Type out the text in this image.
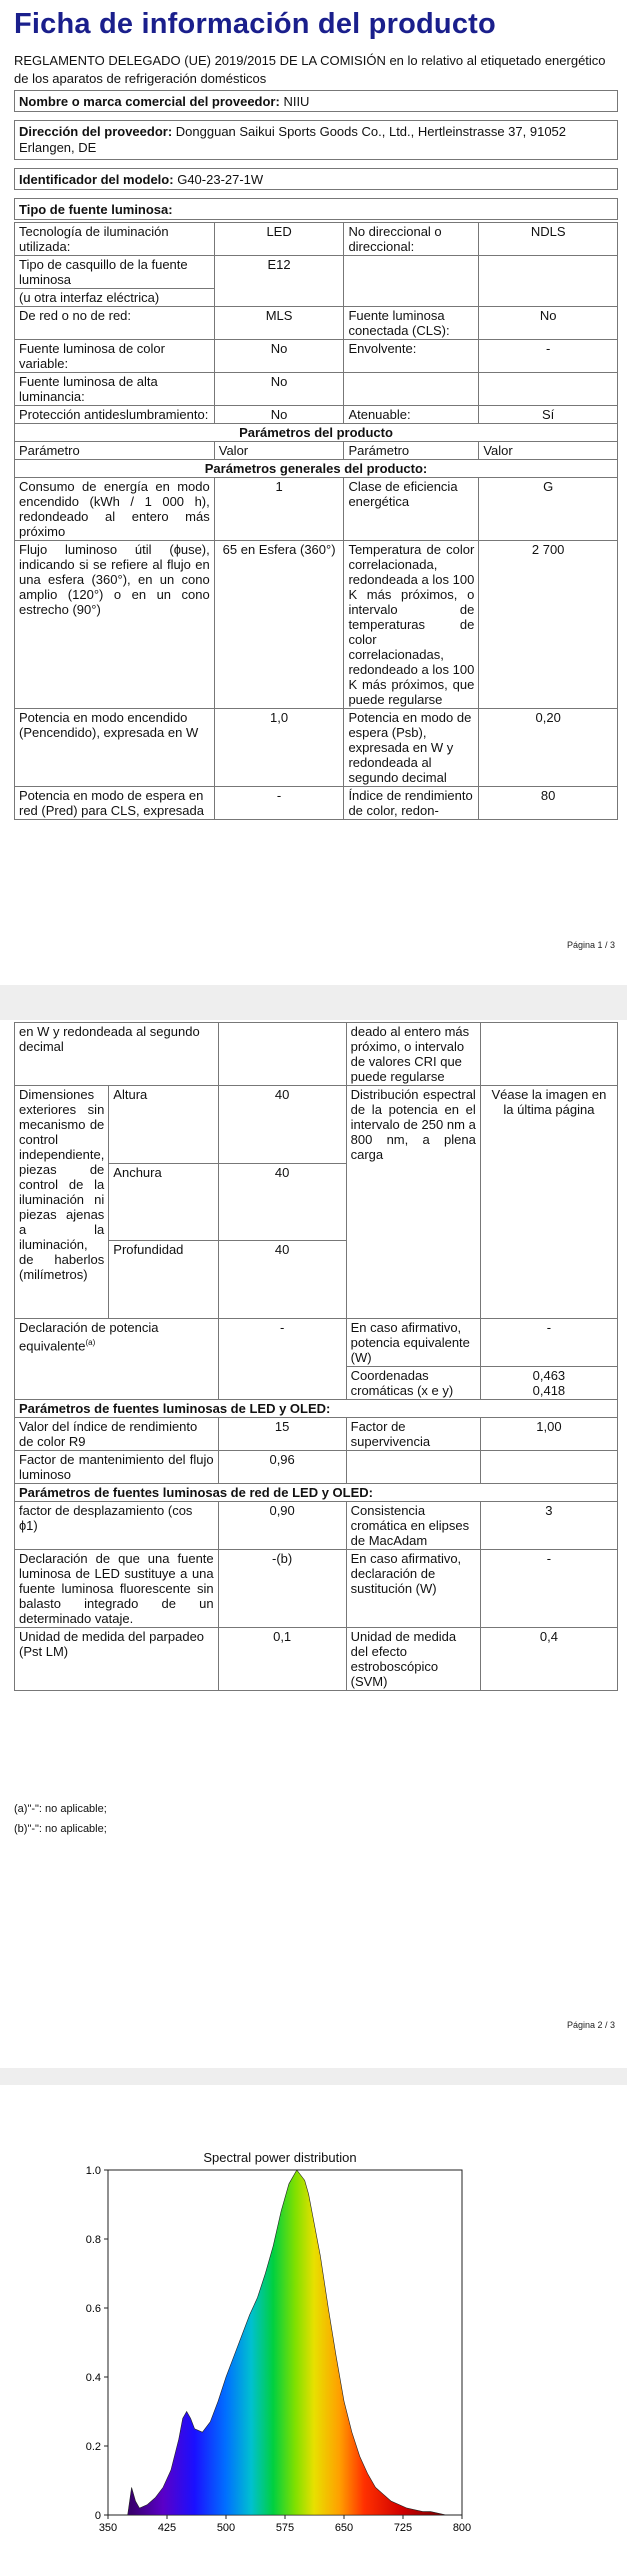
Ficha de información del producto
REGLAMENTO DELEGADO (UE) 2019/2015 DE LA COMISIÓN en lo relativo al etiquetado energético de los aparatos de refrigeración domésticos
Nombre o marca comercial del proveedor: NIIU
Dirección del proveedor: Dongguan Saikui Sports Goods Co., Ltd., Hertleinstrasse 37, 91052 Erlangen, DE
Identificador del modelo: G40-23-27-1W
Tipo de fuente luminosa:
Tecnología de iluminación utilizada:	LED	No direccional o direccional:	NDLS
Tipo de casquillo de la fuente luminosa	E12		
(u otra interfaz eléctrica)			
De red o no de red:	MLS	Fuente luminosa conectada (CLS):	No
Fuente luminosa de color variable:	No	Envolvente:	-
Fuente luminosa de alta luminancia:	No		
Protección antideslumbramiento:	No	Atenuable:	Sí
Parámetros del producto			
Parámetro	Valor	Parámetro	Valor
Parámetros generales del producto:			
Consumo de energía en modo encendido (kWh / 1 000 h), redondeado al entero más próximo	1	Clase de eficiencia energética	G
Flujo luminoso útil (ɸuse), indicando si se refiere al flujo en una esfera (360°), en un cono amplio (120°) o en un cono estrecho (90°)	65 en Esfera (360°)	Temperatura de color correlacionada, redondeada a los 100 K más próximos, o intervalo de temperaturas de color correlacionadas, redondeado a los 100 K más próximos, que puede regularse	2 700
Potencia en modo encendido (Pencendido), expresada en W	1,0	Potencia en modo de espera (Psb), expresada en W y redondeada al segundo decimal	0,20
Potencia en modo de espera en red (Pred) para CLS, expresada	-	Índice de rendimiento de color, redon-	80
Página 1 / 3
en W y redondeada al segundo decimal			deado al entero más próximo, o intervalo de valores CRI que puede regularse	
Dimensiones exteriores sin mecanismo de control independiente, piezas de control de la iluminación ni piezas ajenas a la iluminación, de haberlos (milímetros)	Altura	40	Distribución espectral de la potencia en el intervalo de 250 nm a 800 nm, a plena carga	Véase la imagen en la última página
	Anchura	40		
	Profundidad	40		
Declaración de potencia equivalente$^{(a)}$		-	En caso afirmativo, potencia equivalente (W)	-
			Coordenadas cromáticas (x e y)	0,463
0,418

Parámetros de fuentes luminosas de LED y OLED:				
Valor del índice de rendimiento de color R9		15	Factor de supervivencia	1,00
Factor de mantenimiento del flujo luminoso		0,96		
Parámetros de fuentes luminosas de red de LED y OLED:				
factor de desplazamiento (cos ɸ1)		0,90	Consistencia cromática en elipses de MacAdam	3
Declaración de que una fuente luminosa de LED sustituye a una fuente luminosa fluorescente sin balasto integrado de un determinado vataje.		-(b)	En caso afirmativo, declaración de sustitución (W)	-
Unidad de medida del parpadeo (Pst LM)		0,1	Unidad de medida del efecto estroboscópico (SVM)	0,4
(a)"-": no aplicable;
(b)"-": no aplicable;
Página 2 / 3
Spectral power distribution
350	425	500	575	650	725	800
0
0.2
0.4
0.6
0.8
1.0
